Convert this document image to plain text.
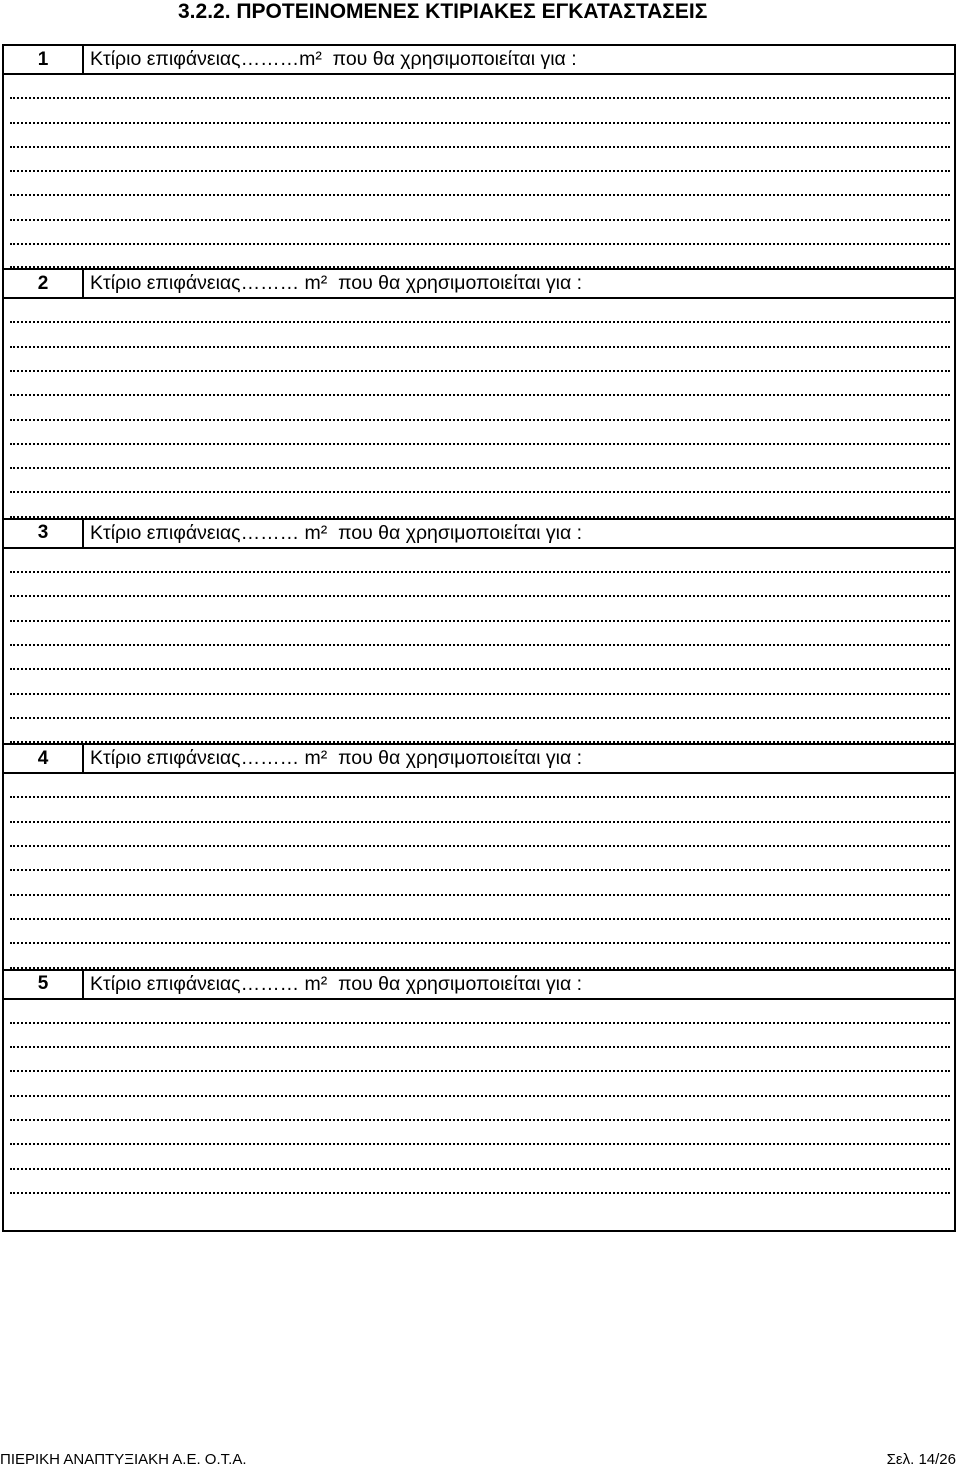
3.2.2. ΠΡΟΤΕΙΝΟΜΕΝΕΣ ΚΤΙΡΙΑΚΕΣ ΕΓΚΑΤΑΣΤΑΣΕΙΣ
1	Κτίριο επιφάνειας………m²  που θα χρησιμοποιείται για :
2	Κτίριο επιφάνειας……… m²  που θα χρησιμοποιείται για :
3	Κτίριο επιφάνειας……… m²  που θα χρησιμοποιείται για :
4	Κτίριο επιφάνειας……… m²  που θα χρησιμοποιείται για :
5	Κτίριο επιφάνειας……… m²  που θα χρησιμοποιείται για :
ΠΙΕΡΙΚΗ ΑΝΑΠΤΥΞΙΑΚΗ Α.Ε. Ο.Τ.Α.	Σελ. 14/26
